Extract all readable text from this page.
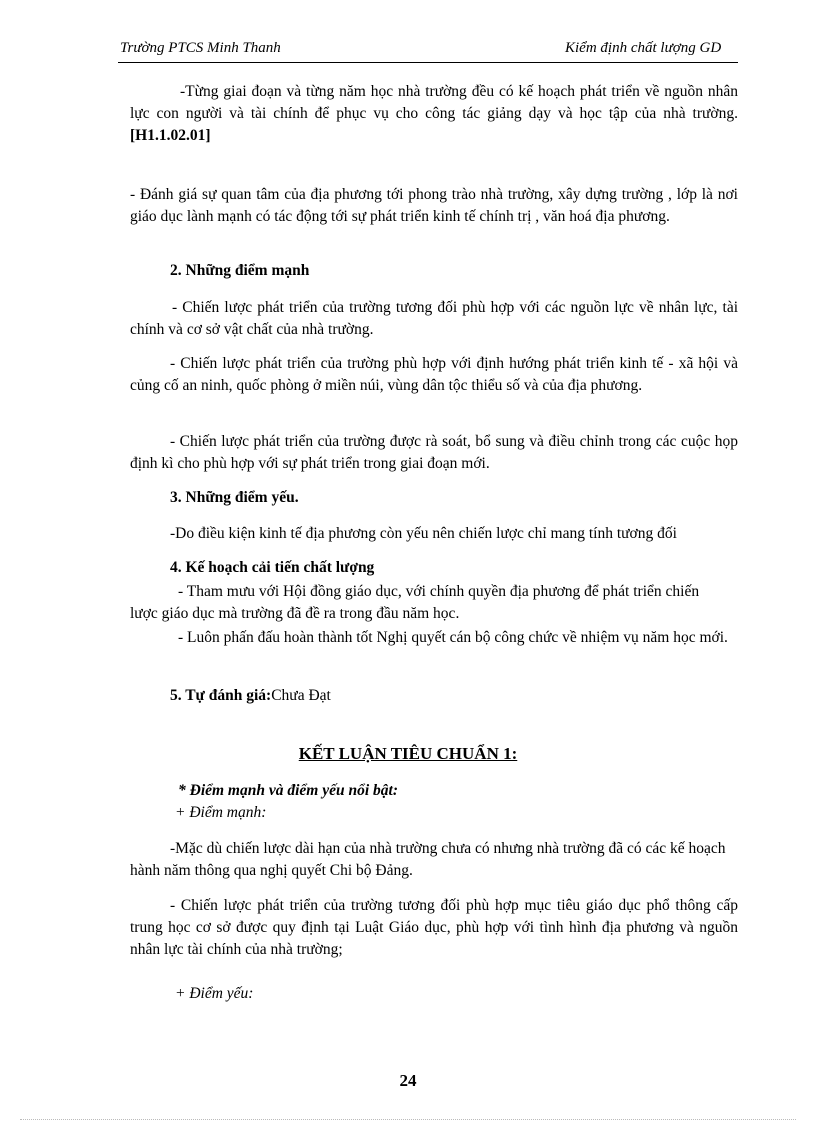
Trường PTCS Minh Thanh	Kiểm định chất lượng GD
-Từng giai đoạn và từng năm học nhà trường đều có kế hoạch phát triển về nguồn nhân lực con người và tài chính để phục vụ cho công tác giảng dạy và học tập của nhà trường. [H1.1.02.01]
- Đánh giá sự quan tâm của địa phương tới phong trào nhà trường, xây dựng trường , lớp là nơi giáo dục lành mạnh có tác động tới sự phát triển kinh tế chính trị , văn hoá địa phương.
2. Những điểm mạnh
- Chiến lược phát triển của trường tương đối phù hợp với các nguồn lực về nhân lực, tài chính và cơ sở vật chất của nhà trường.
- Chiến lược phát triển của trường phù hợp với định hướng phát triển kinh tế - xã hội và củng cố an ninh, quốc phòng ở miền núi, vùng dân tộc thiểu số và của địa phương.
- Chiến lược phát triển của trường được rà soát, bổ sung và điều chỉnh trong các cuộc họp định kì cho phù hợp với sự phát triển trong giai đoạn mới.
3. Những điểm yếu.
-Do điều kiện kinh tế địa phương còn yếu nên chiến lược chỉ mang tính tương đối
4. Kế hoạch cải tiến chất lượng
- Tham mưu với Hội đồng giáo dục, với chính quyền địa phương để phát triển chiến lược giáo dục mà trường đã đề ra trong đầu năm học.
- Luôn phấn đấu hoàn thành tốt Nghị quyết cán bộ công chức về nhiệm vụ năm học mới.
5. Tự đánh giá:Chưa Đạt
KẾT LUẬN TIÊU CHUẨN 1:
* Điểm mạnh và điểm yếu nổi bật:
+ Điểm mạnh:
-Mặc dù chiến lược dài hạn của nhà trường chưa có nhưng nhà trường đã có các kế hoạch hành năm thông qua nghị quyết Chi bộ Đảng.
- Chiến lược phát triển của trường tương đối phù hợp mục tiêu giáo dục phổ thông cấp trung học cơ sở được quy định tại Luật Giáo dục, phù hợp với tình hình địa phương và nguồn nhân lực tài chính của nhà trường;
+ Điểm yếu:
24
